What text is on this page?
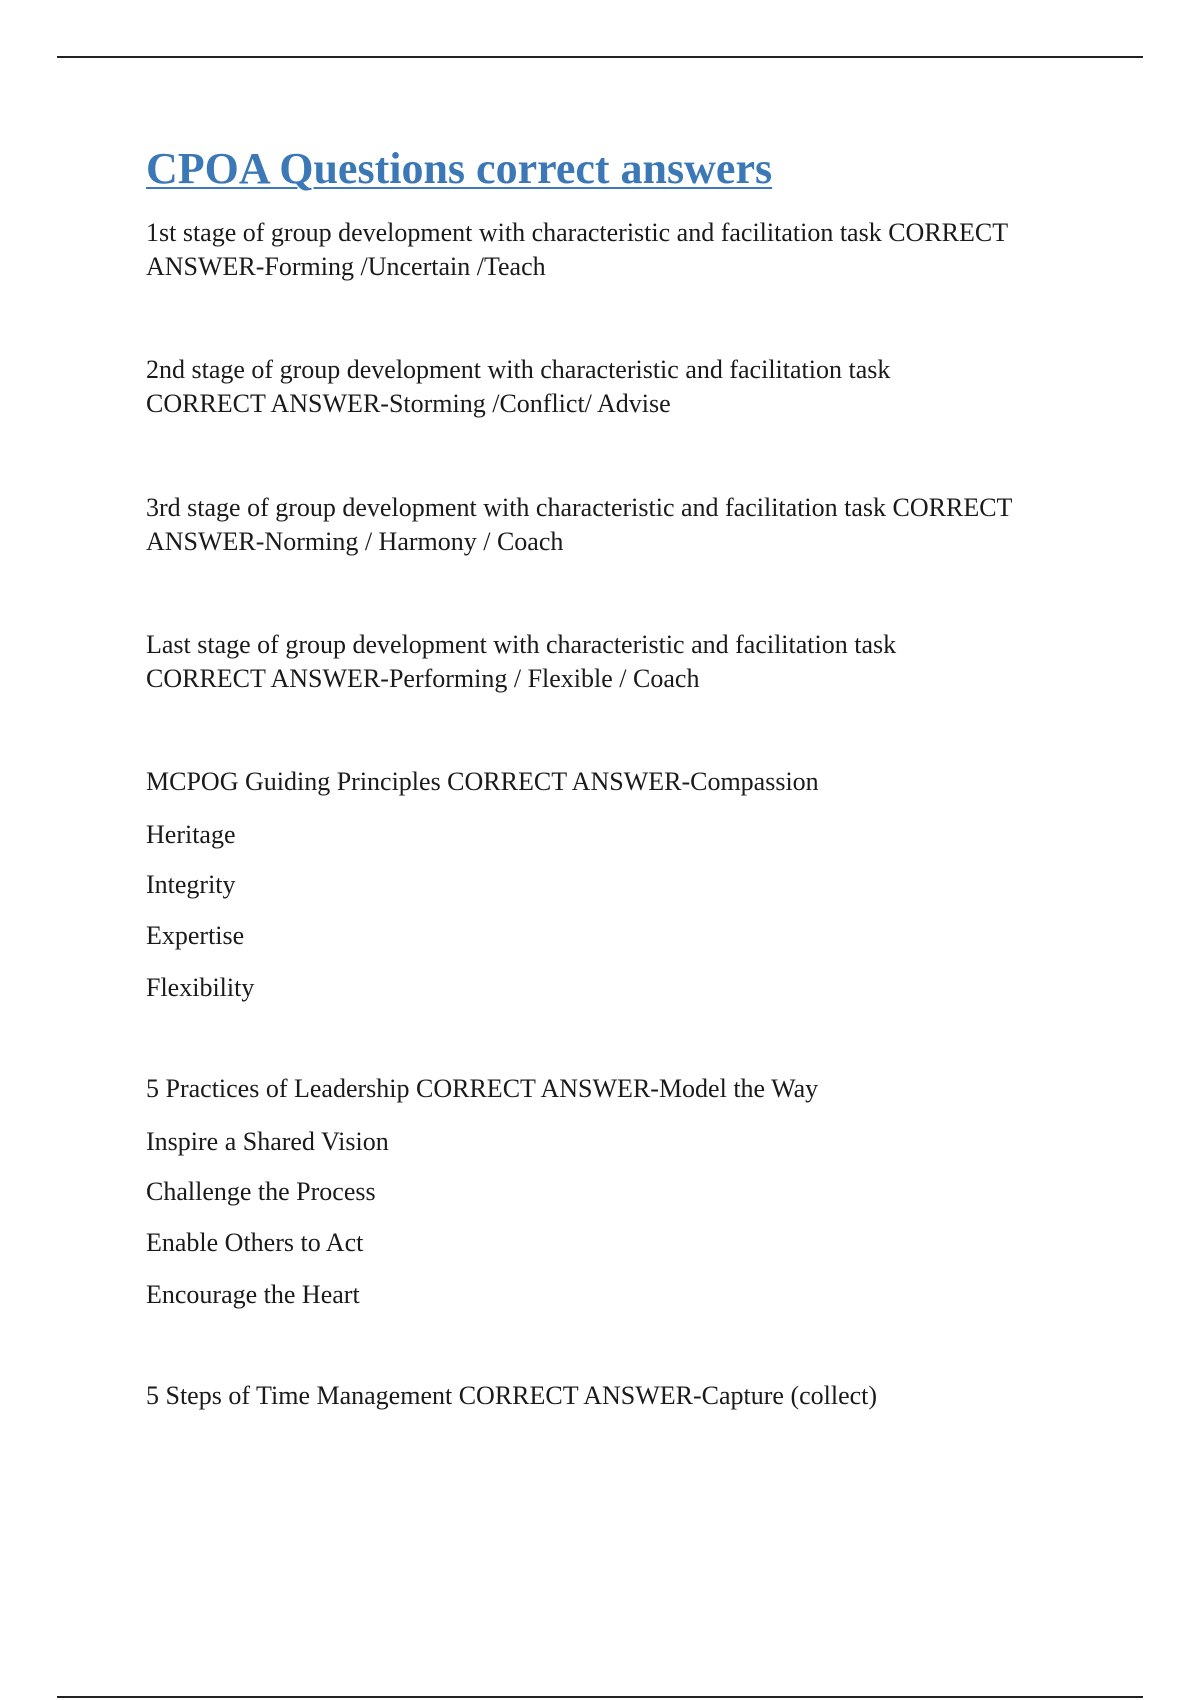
CPOA Questions correct answers

1st stage of group development with characteristic and facilitation task CORRECT
ANSWER-Forming /Uncertain /Teach

2nd stage of group development with characteristic and facilitation task
CORRECT ANSWER-Storming /Conflict/ Advise

3rd stage of group development with characteristic and facilitation task CORRECT
ANSWER-Norming / Harmony / Coach

Last stage of group development with characteristic and facilitation task
CORRECT ANSWER-Performing / Flexible / Coach

MCPOG Guiding Principles CORRECT ANSWER-Compassion

Heritage

Integrity

Expertise

Flexibility

5 Practices of Leadership CORRECT ANSWER-Model the Way

Inspire a Shared Vision

Challenge the Process

Enable Others to Act

Encourage the Heart

5 Steps of Time Management CORRECT ANSWER-Capture (collect)
